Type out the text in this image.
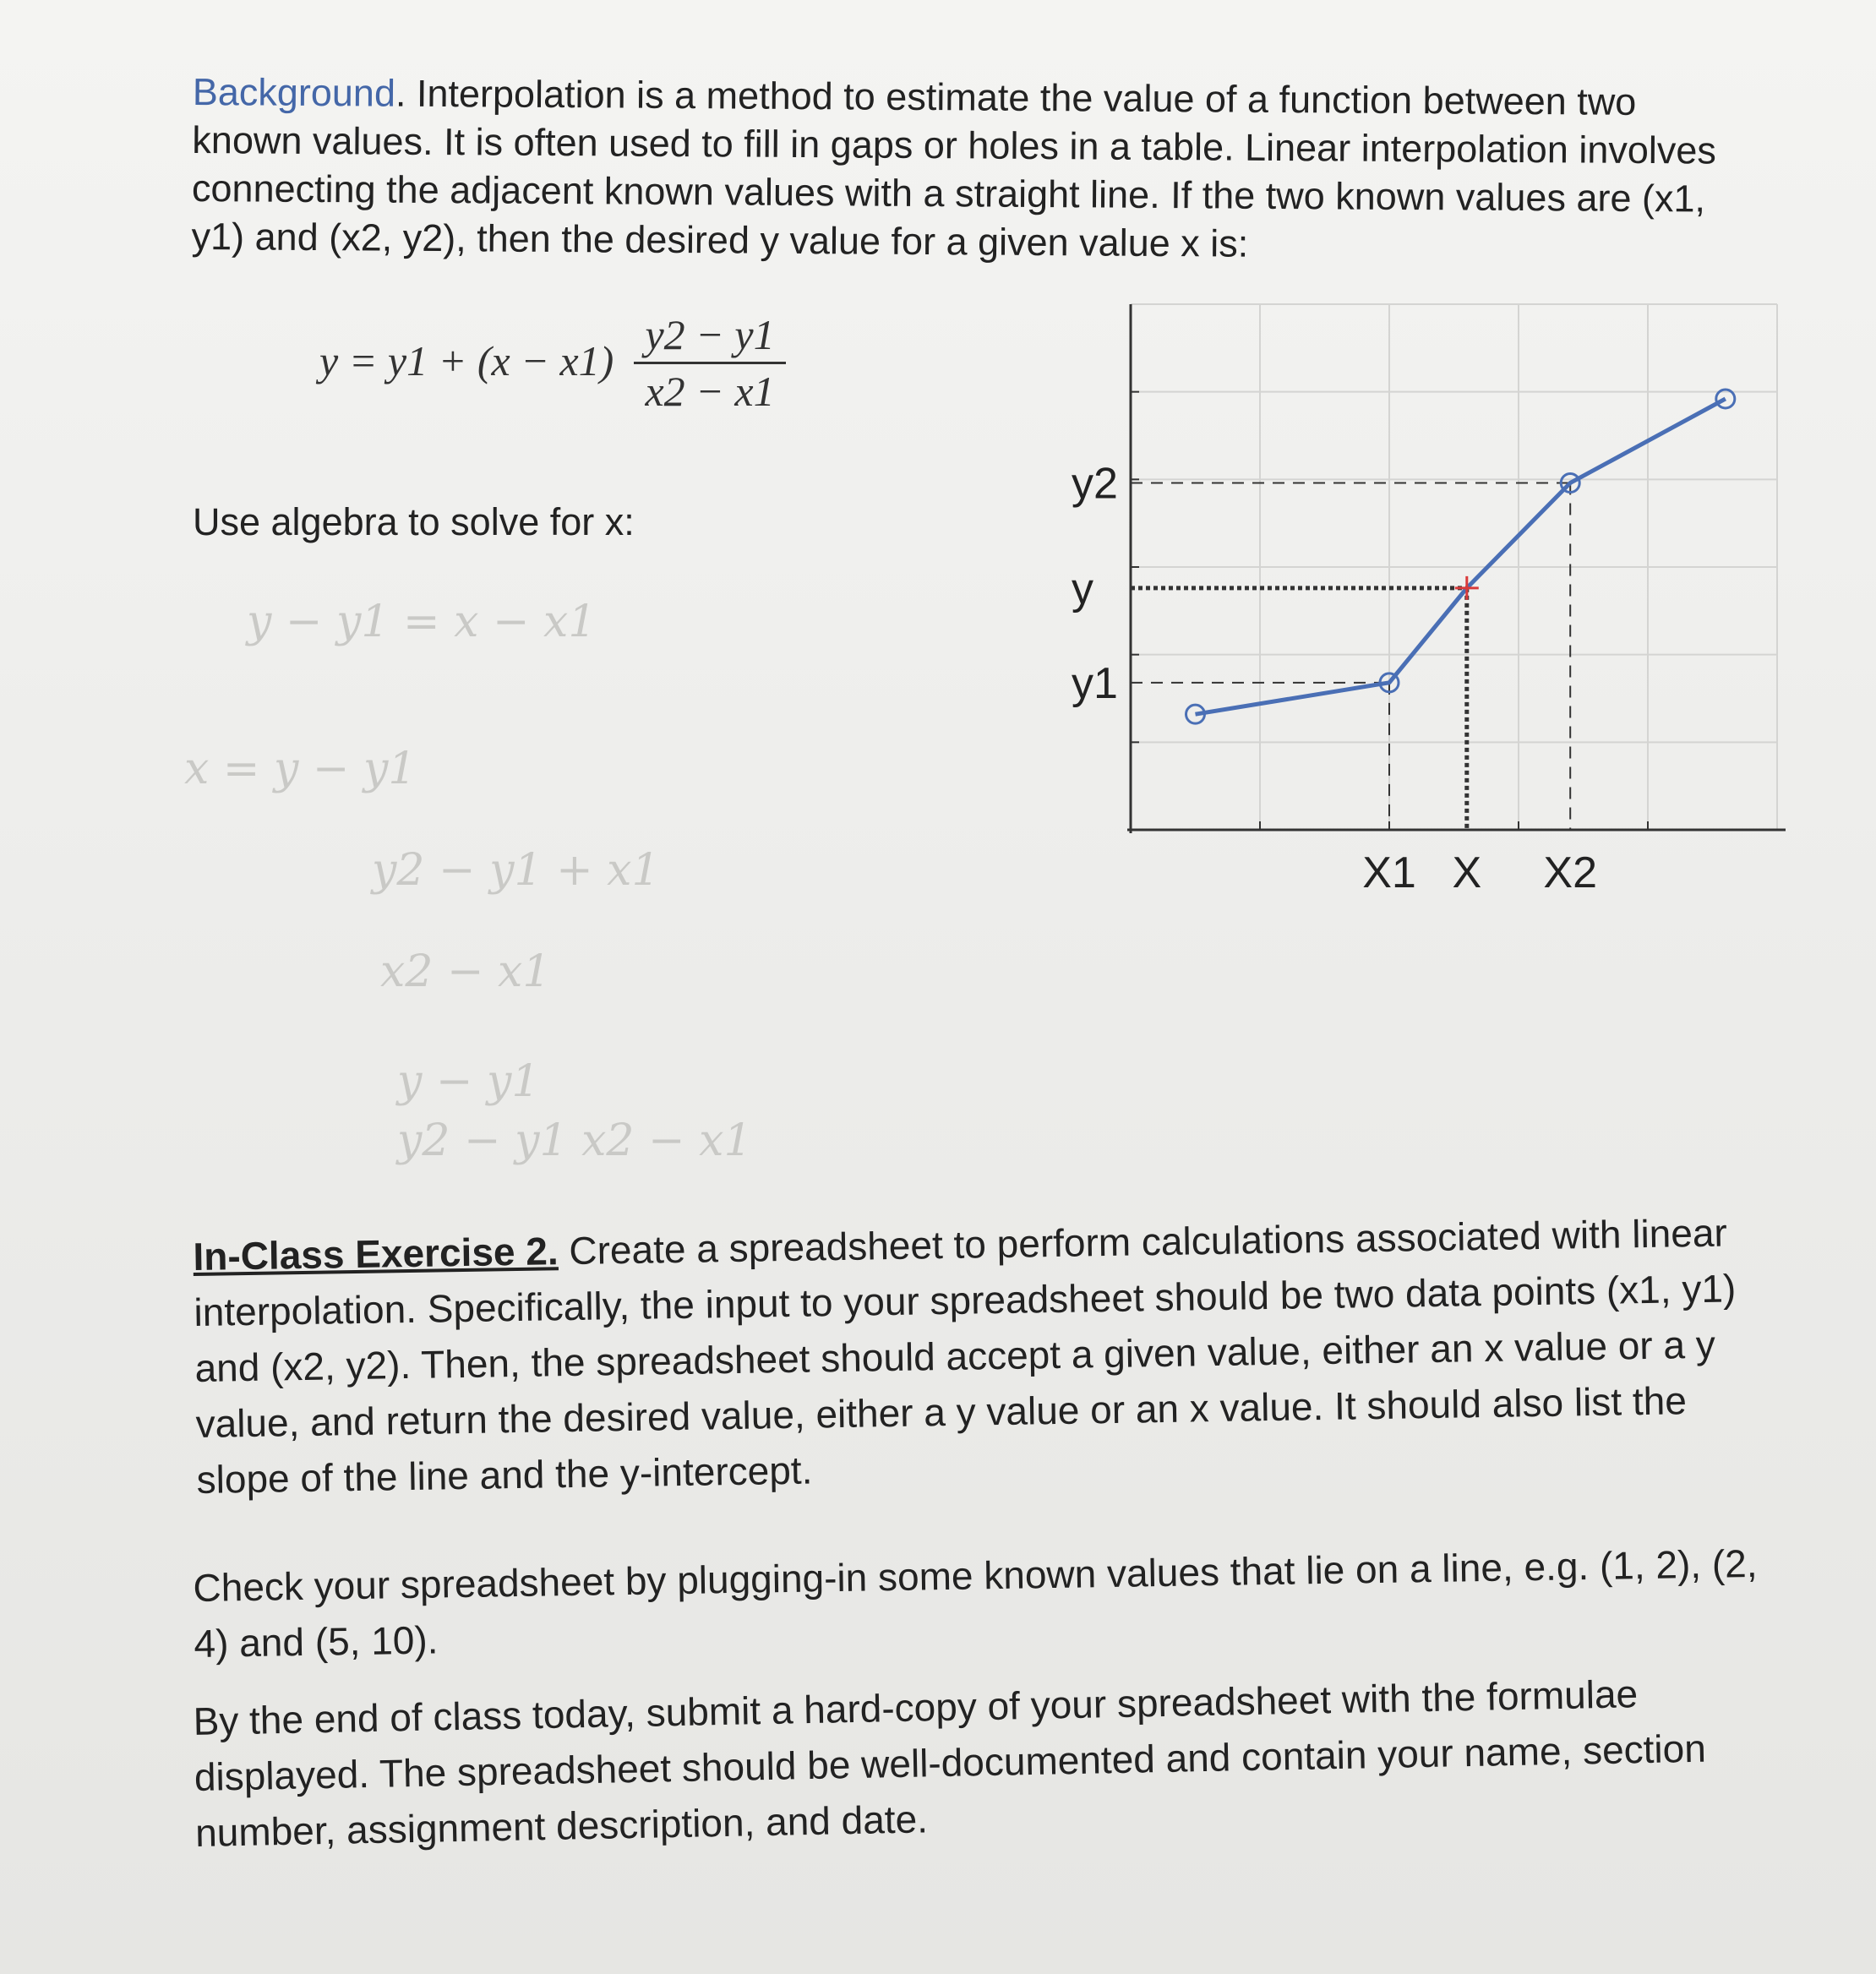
Background. Interpolation is a method to estimate the value of a function between two known values. It is often used to fill in gaps or holes in a table. Linear interpolation involves connecting the adjacent known values with a straight line. If the two known values are (x1, y1) and (x2, y2), then the desired y value for a given value x is:
y = y1 + (x − x1)
y2 − y1
x2 − x1
Use algebra to solve for x:
y − y1 = x − x1
x = y − y1
y2 − y1 + x1
x2 − x1
y − y1
y2 − y1 x2 − x1
y1
y
y2
X1 X X2
In-Class Exercise 2. Create a spreadsheet to perform calculations associated with linear interpolation. Specifically, the input to your spreadsheet should be two data points (x1, y1) and (x2, y2). Then, the spreadsheet should accept a given value, either an x value or a y value, and return the desired value, either a y value or an x value. It should also list the slope of the line and the y-intercept.
Check your spreadsheet by plugging-in some known values that lie on a line, e.g. (1, 2), (2, 4) and (5, 10).
By the end of class today, submit a hard-copy of your spreadsheet with the formulae displayed. The spreadsheet should be well-documented and contain your name, section number, assignment description, and date.
